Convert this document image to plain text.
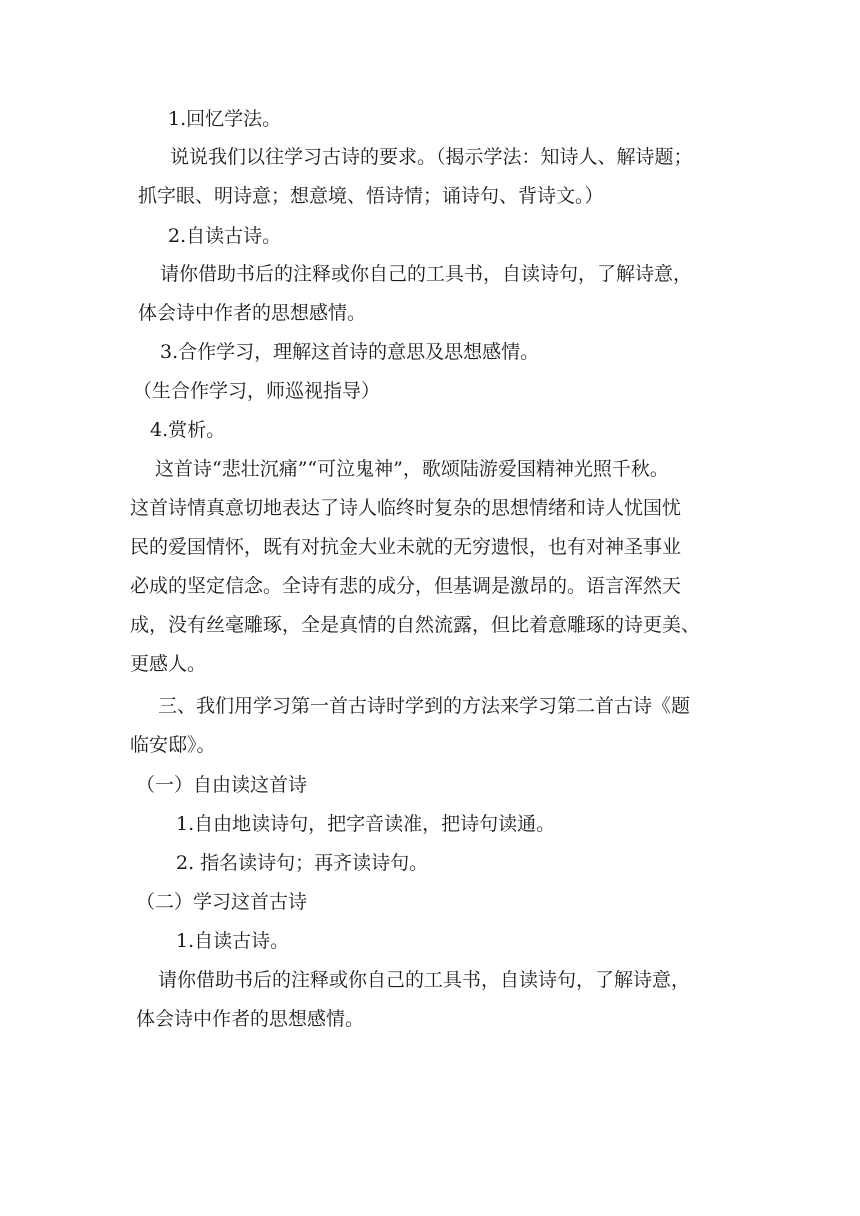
1.回忆学法。
说说我们以往学习古诗的要求。（揭示学法：知诗人、解诗题；
抓字眼、明诗意；想意境、悟诗情；诵诗句、背诗文。）
2.自读古诗。
请你借助书后的注释或你自己的工具书，自读诗句，了解诗意，
体会诗中作者的思想感情。
3.合作学习，理解这首诗的意思及思想感情。
（生合作学习，师巡视指导）
4.赏析。
这首诗“悲壮沉痛”“可泣鬼神”，歌颂陆游爱国精神光照千秋。
这首诗情真意切地表达了诗人临终时复杂的思想情绪和诗人忧国忧
民的爱国情怀，既有对抗金大业未就的无穷遗恨，也有对神圣事业
必成的坚定信念。全诗有悲的成分，但基调是激昂的。语言浑然天
成，没有丝毫雕琢，全是真情的自然流露，但比着意雕琢的诗更美、
更感人。
三、我们用学习第一首古诗时学到的方法来学习第二首古诗《题
临安邸》。
（一）自由读这首诗
1.自由地读诗句，把字音读准，把诗句读通。
2. 指名读诗句；再齐读诗句。
（二）学习这首古诗
1.自读古诗。
请你借助书后的注释或你自己的工具书，自读诗句，了解诗意，
体会诗中作者的思想感情。
